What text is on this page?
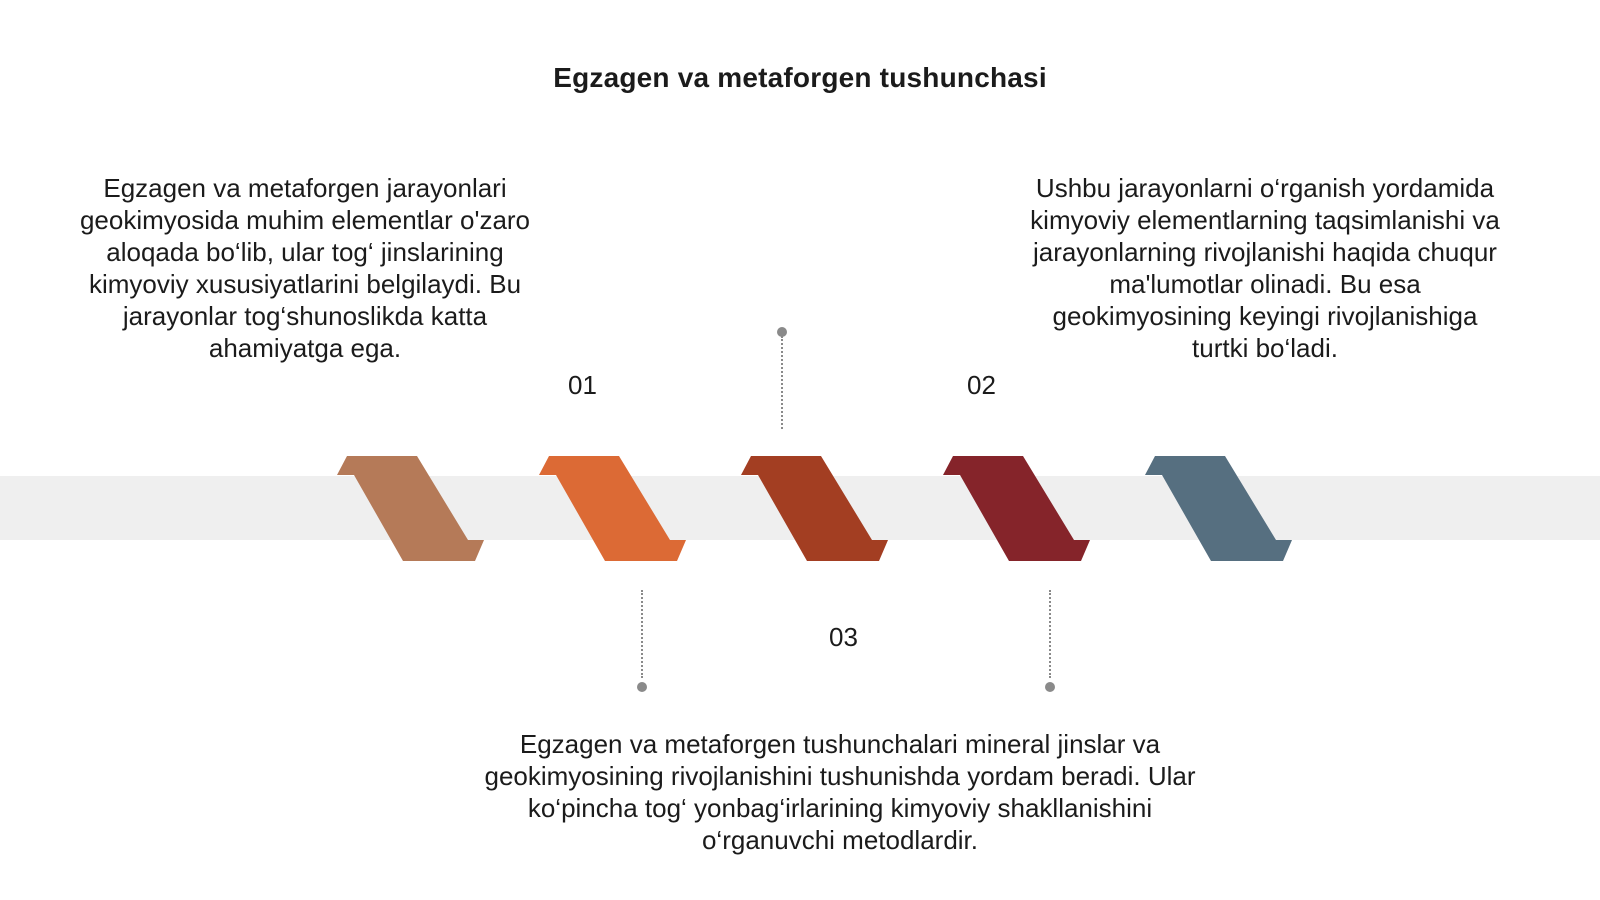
Egzagen va metaforgen tushunchasi
Egzagen va metaforgen jarayonlari geokimyosida muhim elementlar o'zaro aloqada bo‘lib, ular tog‘ jinslarining kimyoviy xususiyatlarini belgilaydi. Bu jarayonlar tog‘shunoslikda katta ahamiyatga ega.
Ushbu jarayonlarni o‘rganish yordamida kimyoviy elementlarning taqsimlanishi va jarayonlarning rivojlanishi haqida chuqur ma'lumotlar olinadi. Bu esa geokimyosining keyingi rivojlanishiga turtki bo‘ladi.
Egzagen va metaforgen tushunchalari mineral jinslar va geokimyosining rivojlanishini tushunishda yordam beradi. Ular ko‘pincha tog‘ yonbag‘irlarining kimyoviy shakllanishini o‘rganuvchi metodlardir.
01	02
03
